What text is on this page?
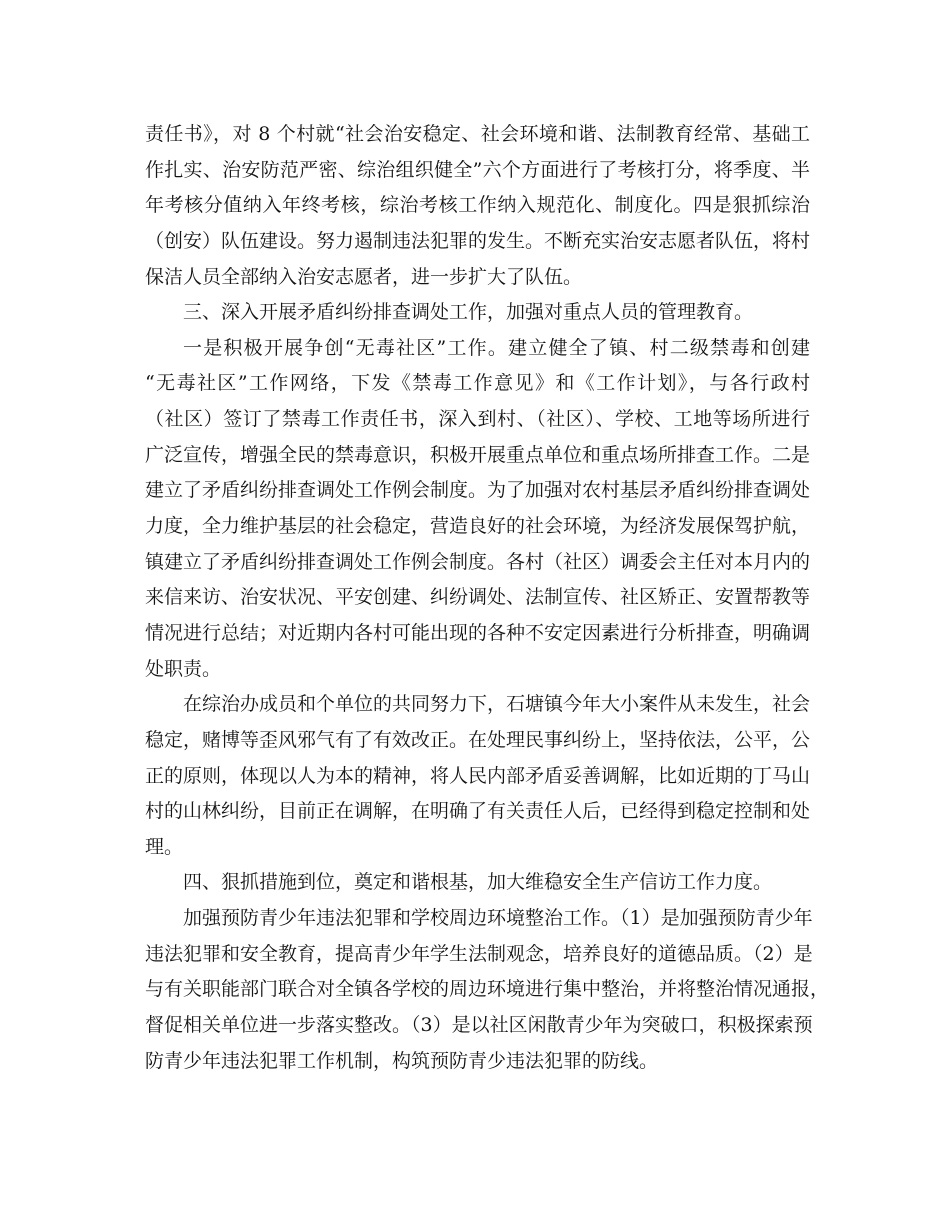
责任书》，对 8 个村就“社会治安稳定、社会环境和谐、法制教育经常、基础工
作扎实、治安防范严密、综治组织健全”六个方面进行了考核打分，将季度、半
年考核分值纳入年终考核，综治考核工作纳入规范化、制度化。四是狠抓综治
（创安）队伍建设。努力遏制违法犯罪的发生。不断充实治安志愿者队伍，将村
保洁人员全部纳入治安志愿者，进一步扩大了队伍。
三、深入开展矛盾纠纷排查调处工作，加强对重点人员的管理教育。
一是积极开展争创“无毒社区”工作。建立健全了镇、村二级禁毒和创建
“无毒社区”工作网络，下发《禁毒工作意见》和《工作计划》，与各行政村
（社区）签订了禁毒工作责任书，深入到村、（社区）、学校、工地等场所进行
广泛宣传，增强全民的禁毒意识，积极开展重点单位和重点场所排查工作。二是
建立了矛盾纠纷排查调处工作例会制度。为了加强对农村基层矛盾纠纷排查调处
力度，全力维护基层的社会稳定，营造良好的社会环境，为经济发展保驾护航，
镇建立了矛盾纠纷排查调处工作例会制度。各村（社区）调委会主任对本月内的
来信来访、治安状况、平安创建、纠纷调处、法制宣传、社区矫正、安置帮教等
情况进行总结；对近期内各村可能出现的各种不安定因素进行分析排查，明确调
处职责。
在综治办成员和个单位的共同努力下，石塘镇今年大小案件从未发生，社会
稳定，赌博等歪风邪气有了有效改正。在处理民事纠纷上，坚持依法，公平，公
正的原则，体现以人为本的精神，将人民内部矛盾妥善调解，比如近期的丁马山
村的山林纠纷，目前正在调解，在明确了有关责任人后，已经得到稳定控制和处
理。
四、狠抓措施到位，奠定和谐根基，加大维稳安全生产信访工作力度。
加强预防青少年违法犯罪和学校周边环境整治工作。（1）是加强预防青少年
违法犯罪和安全教育，提高青少年学生法制观念，培养良好的道德品质。（2）是
与有关职能部门联合对全镇各学校的周边环境进行集中整治，并将整治情况通报，
督促相关单位进一步落实整改。（3）是以社区闲散青少年为突破口，积极探索预
防青少年违法犯罪工作机制，构筑预防青少违法犯罪的防线。
